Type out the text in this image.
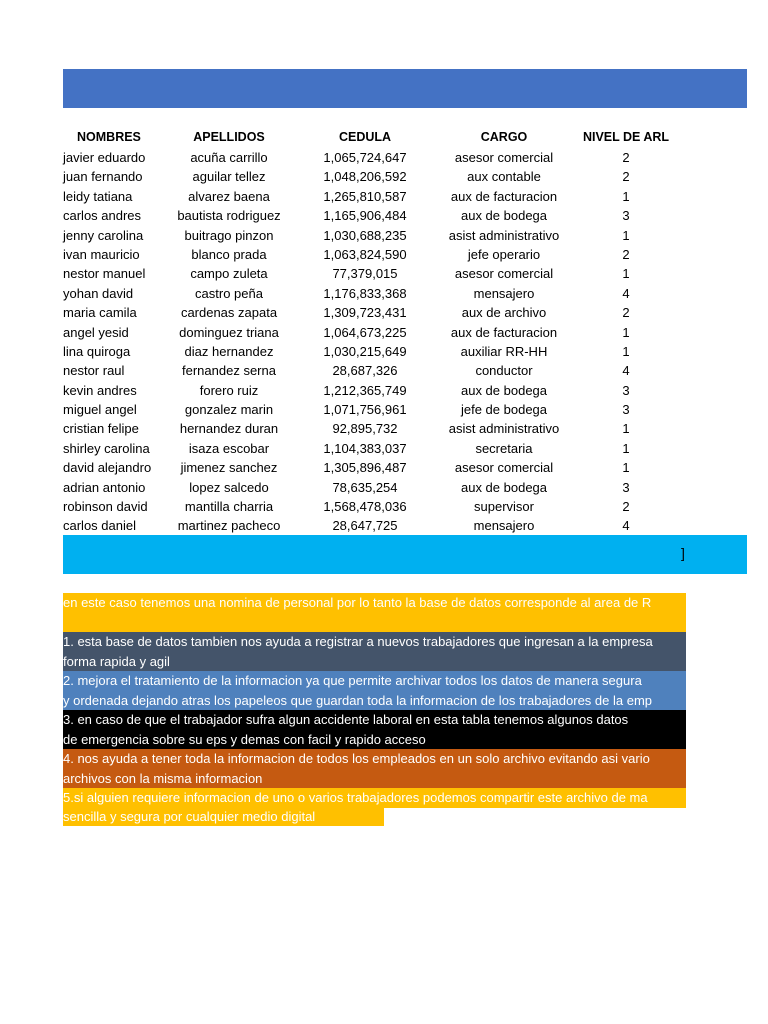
NOMBRES	APELLIDOS	CEDULA	CARGO	NIVEL DE ARL
javier eduardo	acuña carrillo	1,065,724,647	asesor comercial	2
juan fernando	aguilar tellez	1,048,206,592	aux contable	2
leidy tatiana	alvarez baena	1,265,810,587	aux de facturacion	1
carlos andres	bautista rodriguez	1,165,906,484	aux de bodega	3
jenny carolina	buitrago pinzon	1,030,688,235	asist administrativo	1
ivan mauricio	blanco prada	1,063,824,590	jefe operario	2
nestor manuel	campo zuleta	77,379,015	asesor comercial	1
yohan david	castro peña	1,176,833,368	mensajero	4
maria camila	cardenas zapata	1,309,723,431	aux de archivo	2
angel yesid	dominguez triana	1,064,673,225	aux de facturacion	1
lina quiroga	diaz hernandez	1,030,215,649	auxiliar RR-HH	1
nestor raul	fernandez serna	28,687,326	conductor	4
kevin andres	forero ruiz	1,212,365,749	aux de bodega	3
miguel angel	gonzalez marin	1,071,756,961	jefe de bodega	3
cristian felipe	hernandez duran	92,895,732	asist administrativo	1
shirley carolina	isaza escobar	1,104,383,037	secretaria	1
david alejandro	jimenez sanchez	1,305,896,487	asesor comercial	1
adrian antonio	lopez salcedo	78,635,254	aux de bodega	3
robinson david	mantilla charria	1,568,478,036	supervisor	2
carlos daniel	martinez pacheco	28,647,725	mensajero	4
]
en este caso tenemos una nomina de personal por lo tanto la base de datos corresponde al area de R
1. esta base de datos tambien nos ayuda a registrar a nuevos trabajadores que ingresan a la empresa
forma rapida y agil
2. mejora el tratamiento de la informacion ya que permite archivar todos los datos de manera segura
y ordenada dejando atras los papeleos que guardan toda la informacion de los trabajadores de la emp
3. en caso de que el trabajador sufra algun accidente laboral en esta tabla tenemos algunos datos
de emergencia sobre su eps y demas con facil y rapido acceso
4. nos ayuda a tener toda la informacion de todos los empleados en un solo archivo evitando asi vario
archivos con la misma informacion
5.si alguien requiere informacion de uno o varios trabajadores podemos compartir este archivo de ma
sencilla y segura por cualquier medio digital
